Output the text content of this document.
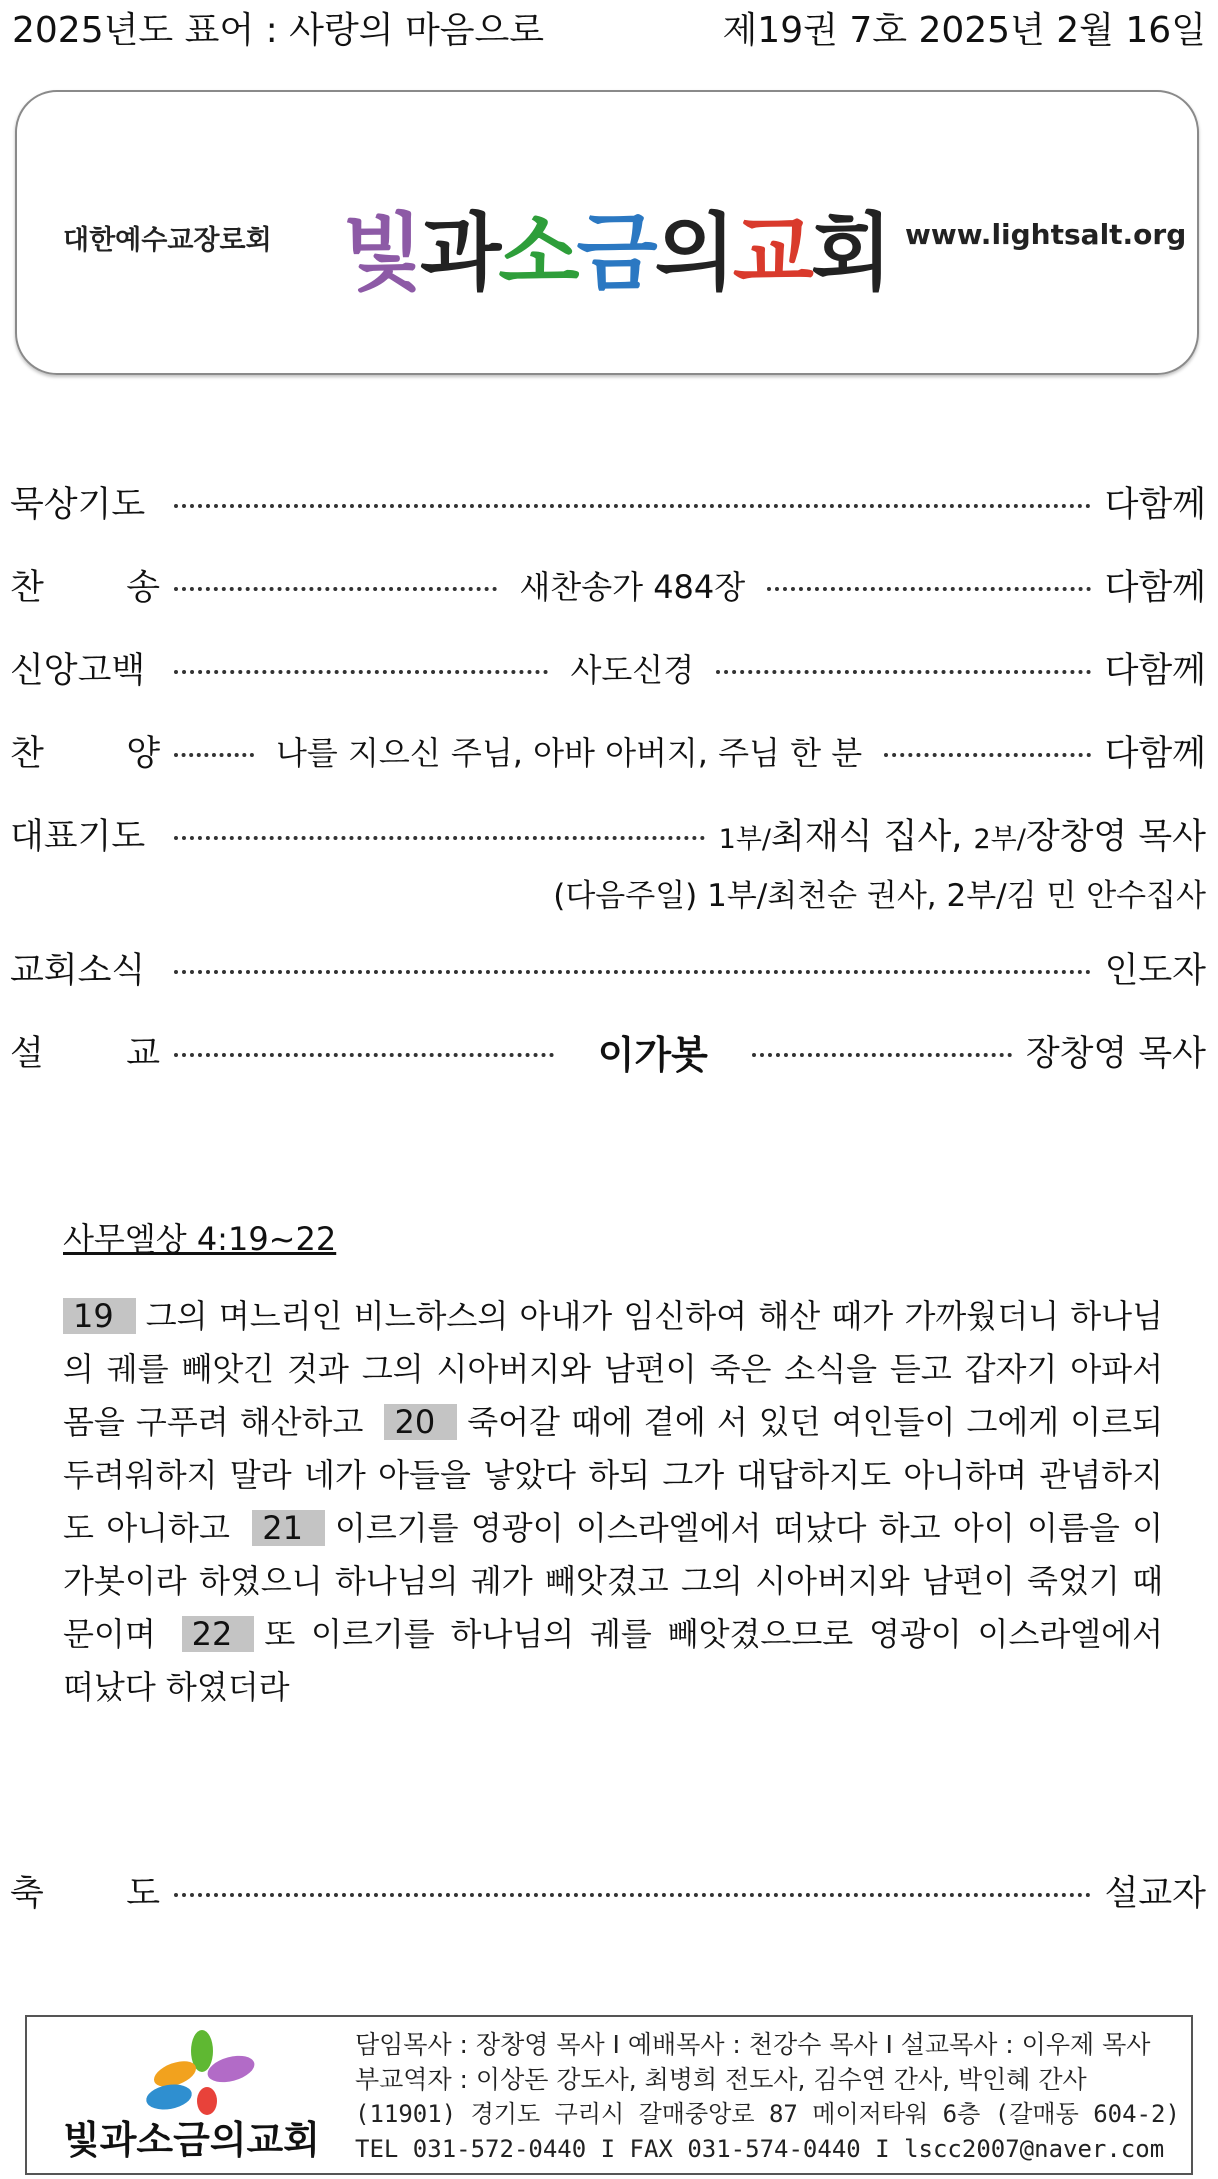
2025년도 표어 : 사랑의 마음으로	제19권 7호 2025년 2월 16일
대한예수교장로회 빛과소금의교회 www.lightsalt.org
묵상기도	다함께
찬 송	새찬송가 484장	다함께
신앙고백	사도신경	다함께
찬 양	나를 지으신 주님, 아바 아버지, 주님 한 분	다함께
대표기도	1부/최재식 집사, 2부/장창영 목사
(다음주일) 1부/최천순 권사, 2부/김 민 안수집사
교회소식	인도자
설 교	이가봇	장창영 목사
사무엘상 4:19~22
19 그의 며느리인 비느하스의 아내가 임신하여 해산 때가 가까웠더니 하나님의 궤를 빼앗긴 것과 그의 시아버지와 남편이 죽은 소식을 듣고 갑자기 아파서 몸을 구푸려 해산하고 20 죽어갈 때에 곁에 서 있던 여인들이 그에게 이르되 두려워하지 말라 네가 아들을 낳았다 하되 그가 대답하지도 아니하며 관념하지도 아니하고 21 이르기를 영광이 이스라엘에서 떠났다 하고 아이 이름을 이가봇이라 하였으니 하나님의 궤가 빼앗겼고 그의 시아버지와 남편이 죽었기 때문이며 22 또 이르기를 하나님의 궤를 빼앗겼으므로 영광이 이스라엘에서 떠났다 하였더라
축 도	설교자
빛과소금의교회
담임목사 : 장창영 목사 I 예배목사 : 천강수 목사 I 설교목사 : 이우제 목사
부교역자 : 이상돈 강도사, 최병희 전도사, 김수연 간사, 박인혜 간사
(11901) 경기도 구리시 갈매중앙로 87 메이저타워 6층 (갈매동 604-2)
TEL 031-572-0440 I FAX 031-574-0440 I lscc2007@naver.com
